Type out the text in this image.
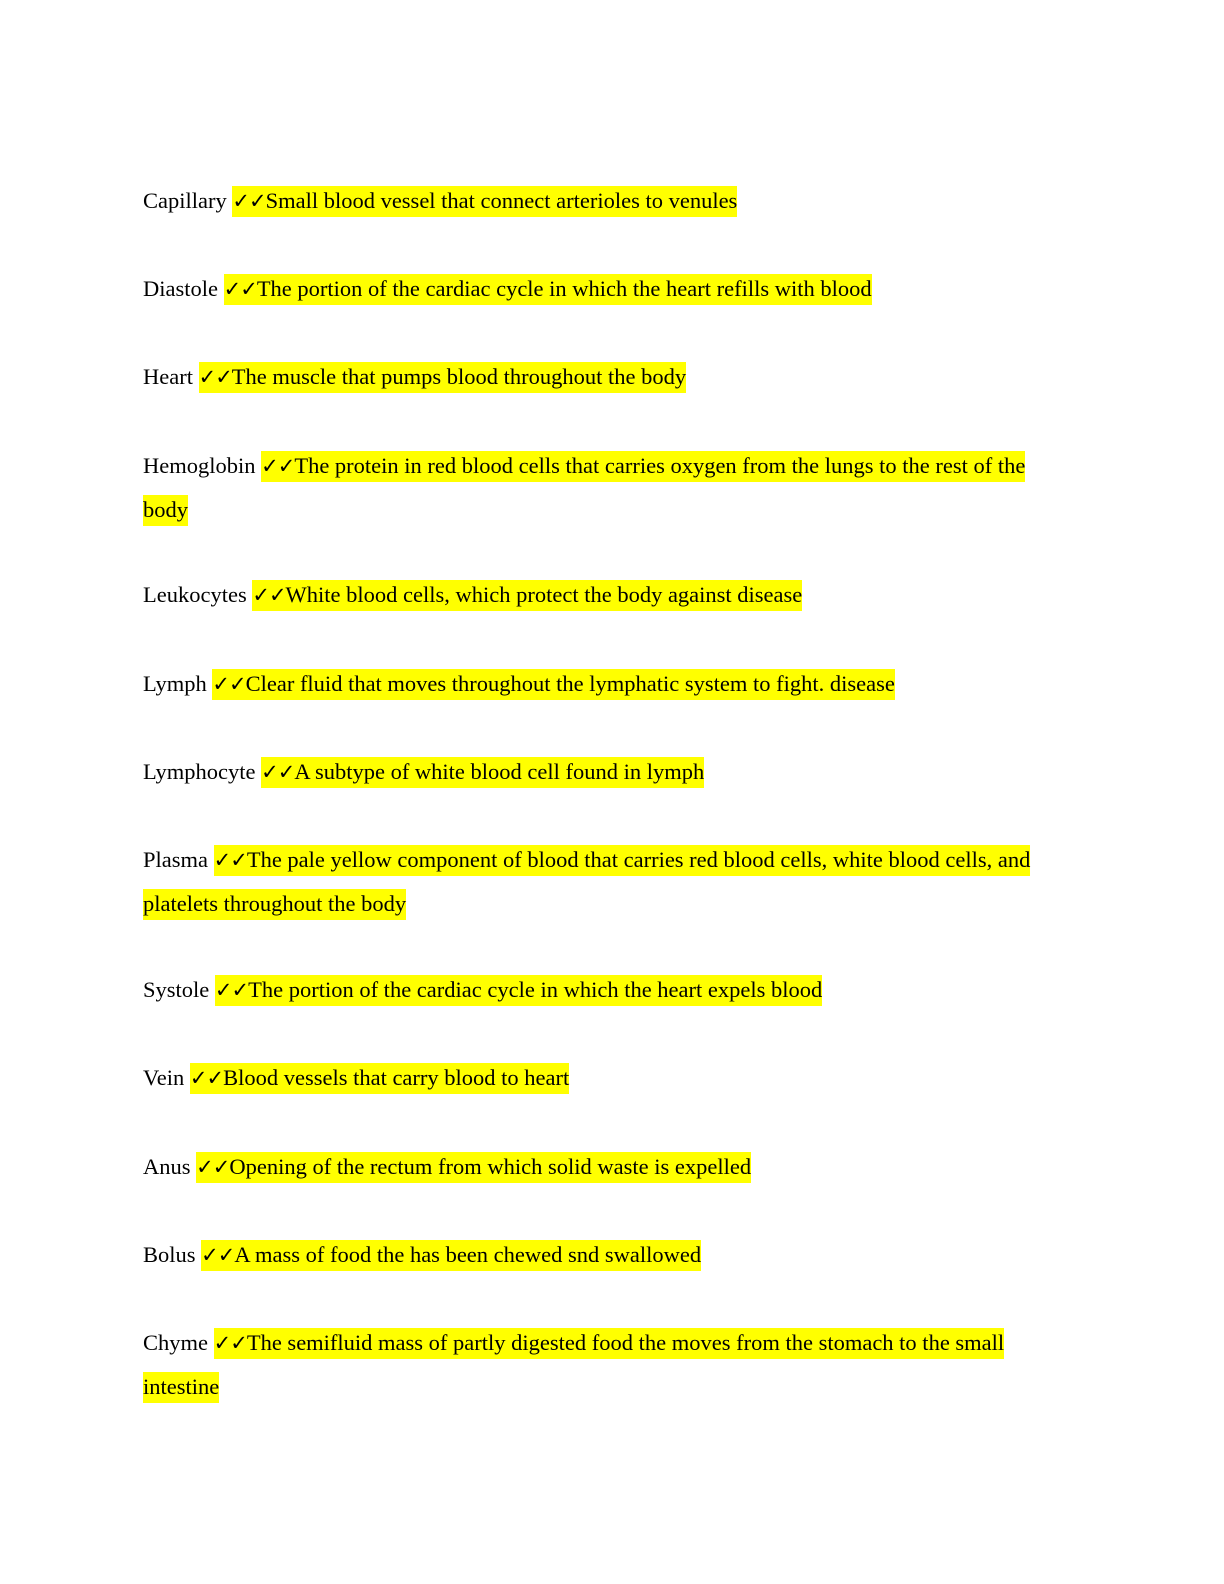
Capillary ✓✓Small blood vessel that connect arterioles to venules

Diastole ✓✓The portion of the cardiac cycle in which the heart refills with blood

Heart ✓✓The muscle that pumps blood throughout the body

Hemoglobin ✓✓The protein in red blood cells that carries oxygen from the lungs to the rest of the body

Leukocytes ✓✓White blood cells, which protect the body against disease

Lymph ✓✓Clear fluid that moves throughout the lymphatic system to fight. disease

Lymphocyte ✓✓A subtype of white blood cell found in lymph

Plasma ✓✓The pale yellow component of blood that carries red blood cells, white blood cells, and platelets throughout the body

Systole ✓✓The portion of the cardiac cycle in which the heart expels blood

Vein ✓✓Blood vessels that carry blood to heart

Anus ✓✓Opening of the rectum from which solid waste is expelled

Bolus ✓✓A mass of food the has been chewed snd swallowed

Chyme ✓✓The semifluid mass of partly digested food the moves from the stomach to the small intestine
